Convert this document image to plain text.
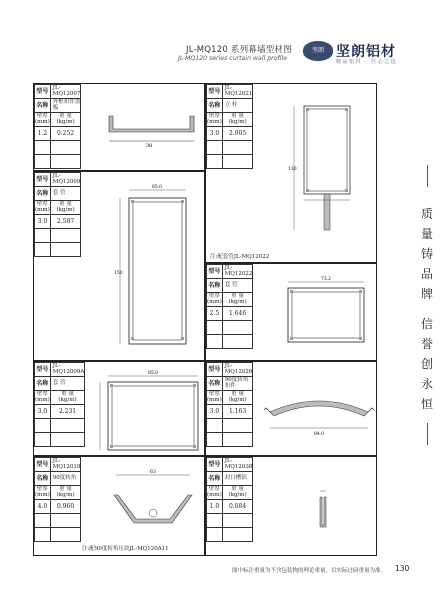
JL-MQ120 系列幕墙型材图
JL-MQ120 series curtain wall profile
坚朗 坚朗铝材
精品铝材 · 匠心之选
型号	JL-MQ12007
名称	外框扣件盖板
壁厚
(mm)	重 量
(kg/m)
1.2	0.252

38
型号	JL-MQ12021
名称	立 柱
壁厚
(mm)	重 量
(kg/m)
3.0	2.905

130
注:配套管JL-MQ12022
型号	JL-MQ12009
名称	套 管
壁厚
(mm)	重 量
(kg/m)
3.0	2.587

85.0
150	型号	JL-MQ12022
名称	套 管
壁厚
(mm)	重 量
(kg/m)
2.5	1.646

73.2
型号	JL-MQ12009A
名称	套 管
壁厚
(mm)	重 量
(kg/m)
3.0	2.231

85.0
型号	JL-MQ12026
名称	90度转角扣件
壁厚
(mm)	重 量
(kg/m)
3.0	1.163

84.0
型号	JL-MQ12018
名称	90度转角
壁厚
(mm)	重 量
(kg/m)
4.0	0.960

63
注:配90度转角压块JL-MQ120A11
型号	JL-MQ12038
名称	封口槽铝
壁厚
(mm)	重 量
(kg/m)
1.0	0.084

质
量
铸
品
牌
信
誉
创
永
恒
图中标注重量为不含包装物的理论重量，以实际过磅重量为准。 130
